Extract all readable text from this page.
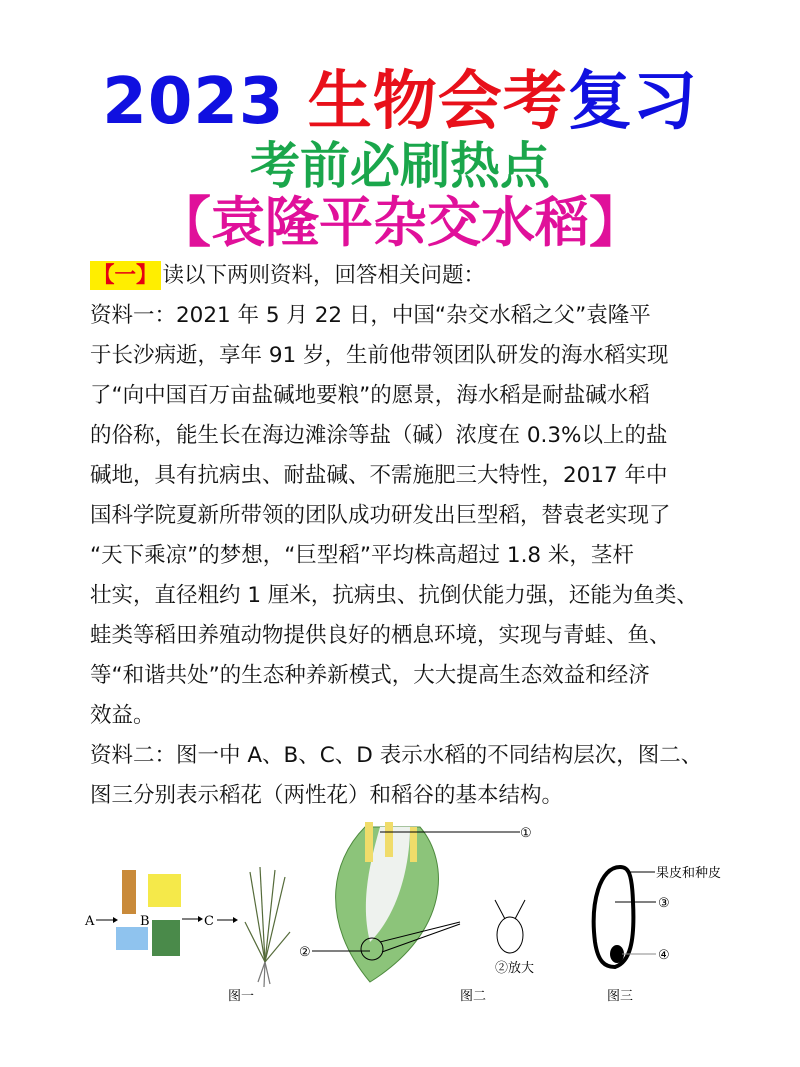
2023 生物会考复习
考前必刷热点
【袁隆平杂交水稻】
【一】 读以下两则资料，回答相关问题：
资料一：2021 年 5 月 22 日，中国“杂交水稻之父”袁隆平
于长沙病逝，享年 91 岁，生前他带领团队研发的海水稻实现
了“向中国百万亩盐碱地要粮”的愿景，海水稻是耐盐碱水稻
的俗称，能生长在海边滩涂等盐（碱）浓度在 0.3%以上的盐
碱地，具有抗病虫、耐盐碱、不需施肥三大特性，2017 年中
国科学院夏新所带领的团队成功研发出巨型稻，替袁老实现了
“天下乘凉”的梦想，“巨型稻”平均株高超过 1.8 米，茎杆
壮实，直径粗约 1 厘米，抗病虫、抗倒伏能力强，还能为鱼类、
蛙类等稻田养殖动物提供良好的栖息环境，实现与青蛙、鱼、
等“和谐共处”的生态种养新模式，大大提高生态效益和经济
效益。
资料二：图一中 A、B、C、D 表示水稻的不同结构层次，图二、
图三分别表示稻花（两性花）和稻谷的基本结构。
A	B	C
图一
①
②
②放大
图二
果皮和种皮
③
④
图三
